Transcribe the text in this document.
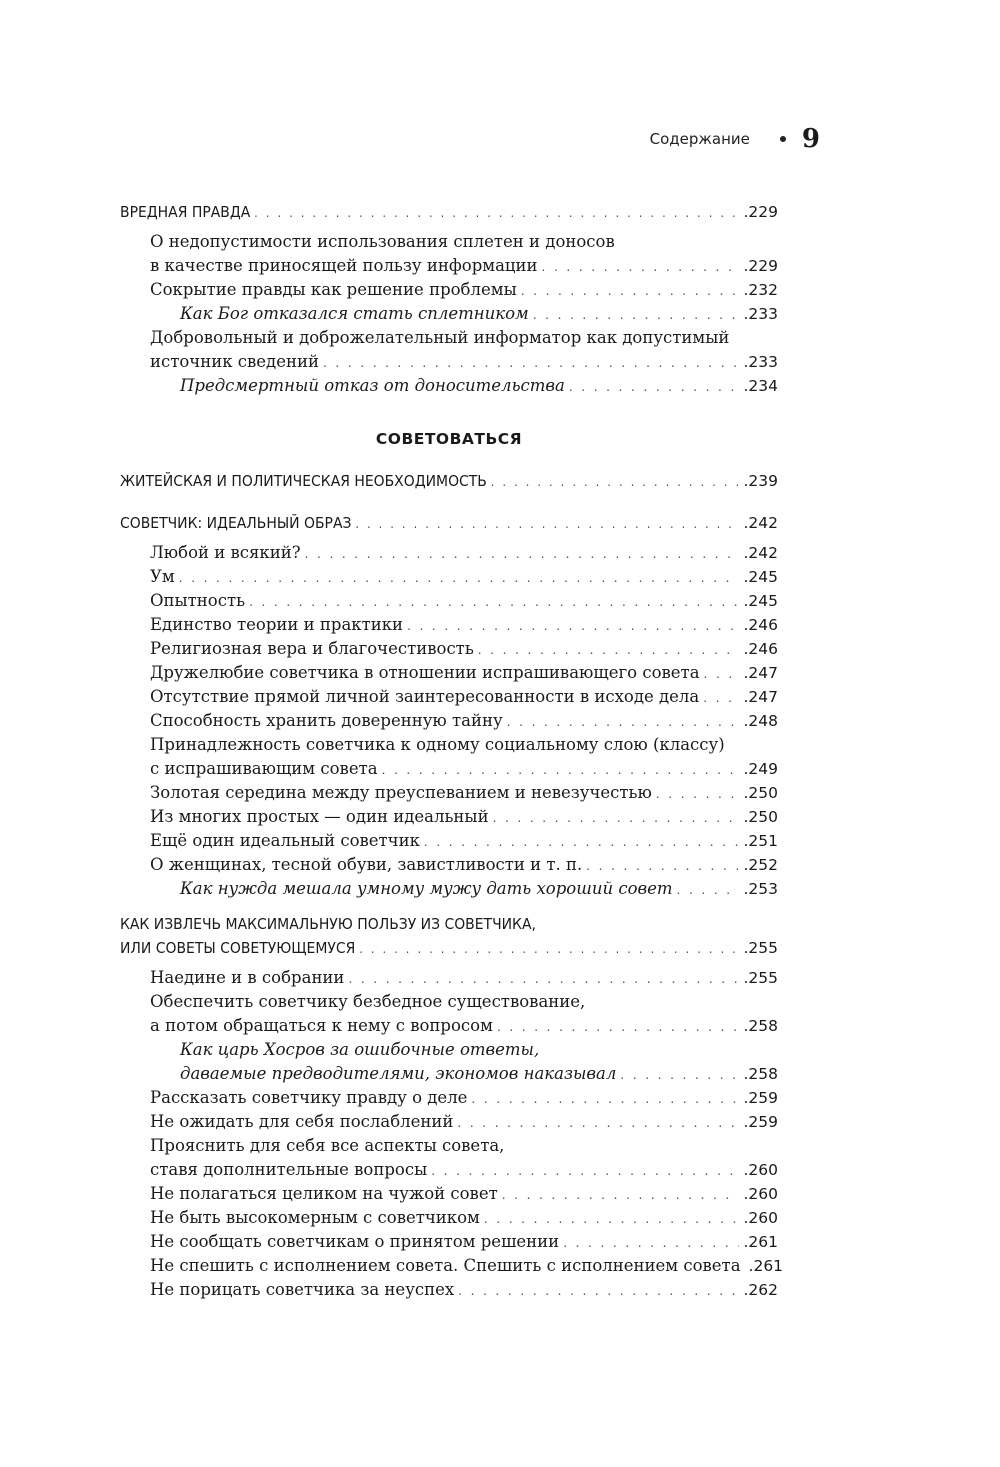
Содержание 9
ВРЕДНАЯ ПРАВДА . . .	.229
О недопустимости использования сплетен и доносов
в качестве приносящей пользу информации . . .	.229
Сокрытие правды как решение проблемы . . .	.232
Как Бог отказался стать сплетником . . .	.233
Добровольный и доброжелательный информатор как допустимый
источник сведений . . .	.233
Предсмертный отказ от доносительства . . .	.234
СОВЕТОВАТЬСЯ
ЖИТЕЙСКАЯ И ПОЛИТИЧЕСКАЯ НЕОБХОДИМОСТЬ . . .	.239
СОВЕТЧИК: ИДЕАЛЬНЫЙ ОБРАЗ . . .	.242
Любой и всякий? . . .	.242
Ум . . .	.245
Опытность . . .	.245
Единство теории и практики . . .	.246
Религиозная вера и благочестивость . . .	.246
Дружелюбие советчика в отношении испрашивающего совета . . .	.247
Отсутствие прямой личной заинтересованности в исходе дела . . .	.247
Способность хранить доверенную тайну . . .	.248
Принадлежность советчика к одному социальному слою (классу)
с испрашивающим совета . . .	.249
Золотая середина между преуспеванием и невезучестью . . .	.250
Из многих простых — один идеальный . . .	.250
Ещё один идеальный советчик . . .	.251
О женщинах, тесной обуви, завистливости и т. п. . . .	.252
Как нужда мешала умному мужу дать хороший совет . . .	.253
КАК ИЗВЛЕЧЬ МАКСИМАЛЬНУЮ ПОЛЬЗУ ИЗ СОВЕТЧИКА,
ИЛИ СОВЕТЫ СОВЕТУЮЩЕМУСЯ . . .	.255
Наедине и в собрании . . .	.255
Обеспечить советчику безбедное существование,
а потом обращаться к нему с вопросом . . .	.258
Как царь Хосров за ошибочные ответы,
даваемые предводителями, экономов наказывал . . .	.258
Рассказать советчику правду о деле . . .	.259
Не ожидать для себя послаблений . . .	.259
Прояснить для себя все аспекты совета,
ставя дополнительные вопросы . . .	.260
Не полагаться целиком на чужой совет . . .	.260
Не быть высокомерным с советчиком . . .	.260
Не сообщать советчикам о принятом решении . . .	.261
Не спешить с исполнением совета. Спешить с исполнением совета .261
Не порицать советчика за неуспех . . .	.262
